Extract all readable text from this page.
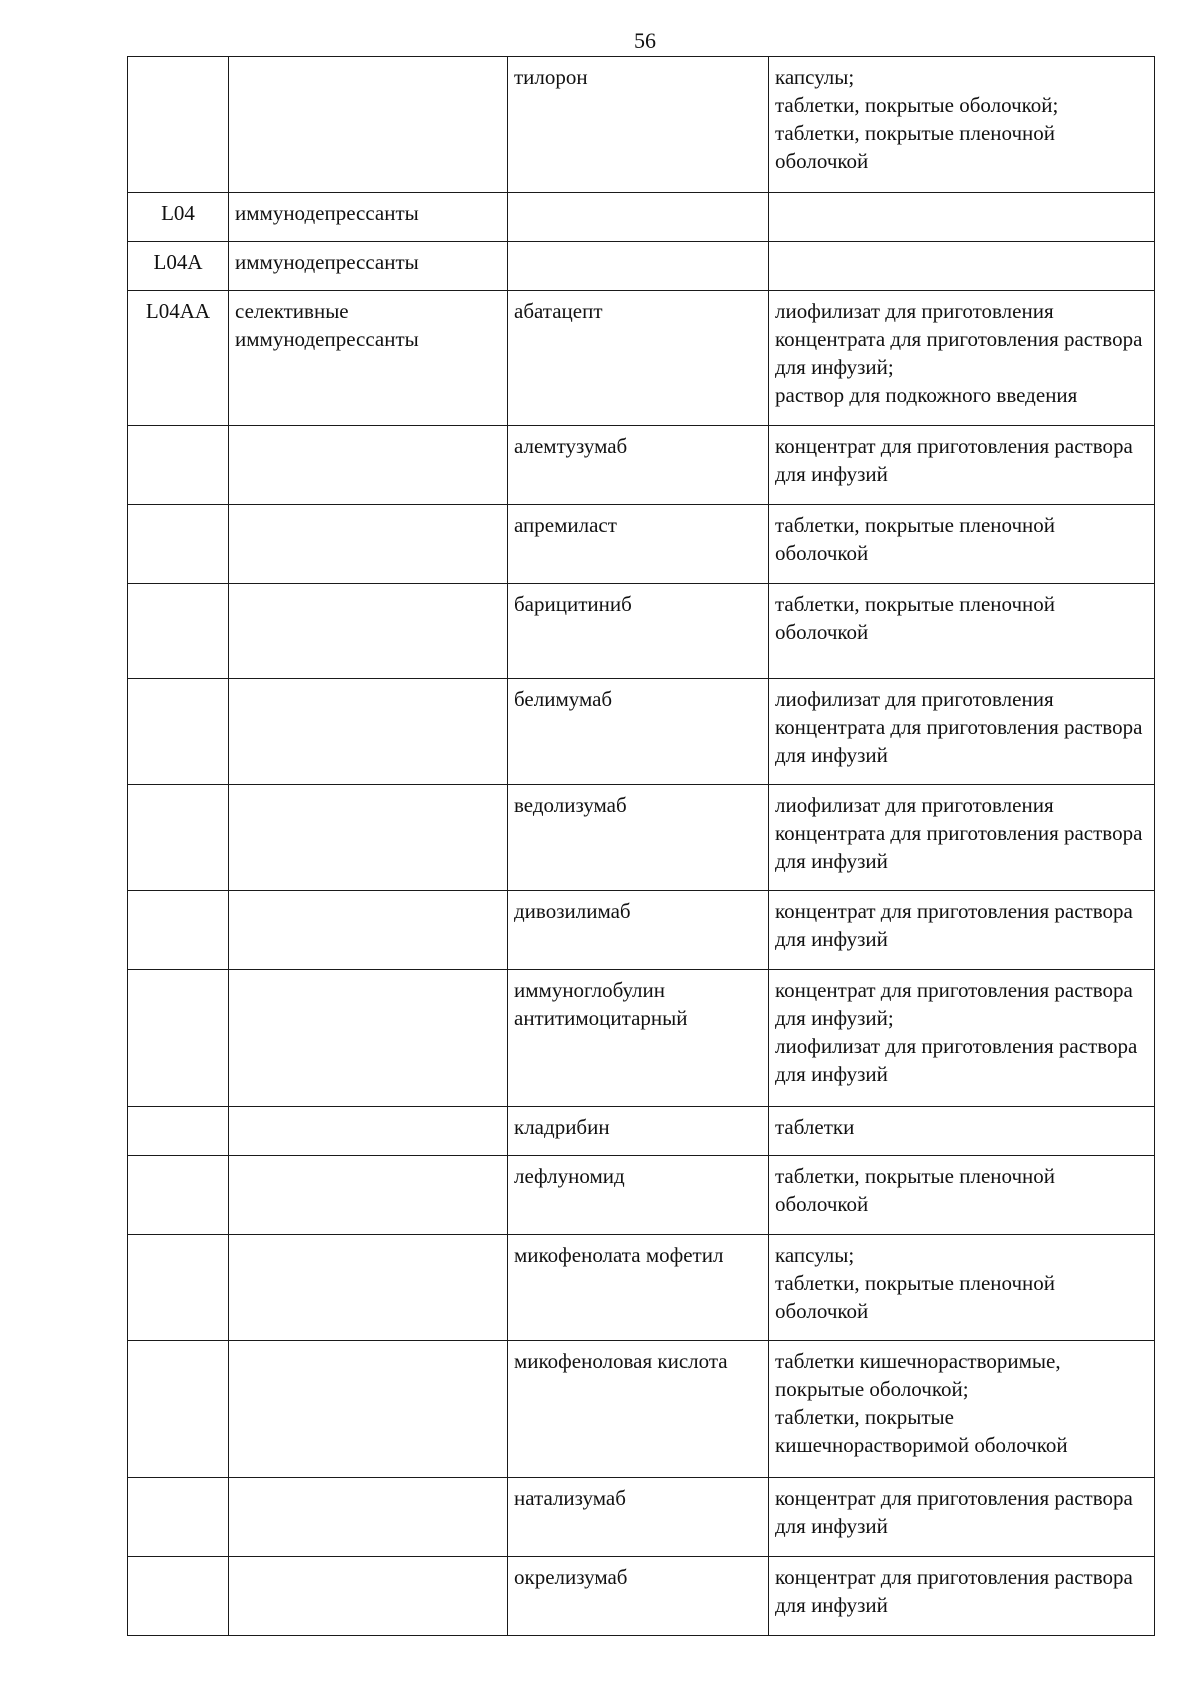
56
		тилорон	капсулы;
таблетки, покрытые оболочкой;
таблетки, покрытые пленочной оболочкой
L04	иммунодепрессанты		
L04A	иммунодепрессанты		
L04AA	селективные иммунодепрессанты	абатацепт	лиофилизат для приготовления концентрата для приготовления раствора для инфузий;
раствор для подкожного введения
		алемтузумаб	концентрат для приготовления раствора для инфузий
		апремиласт	таблетки, покрытые пленочной оболочкой
		барицитиниб	таблетки, покрытые пленочной оболочкой
		белимумаб	лиофилизат для приготовления концентрата для приготовления раствора для инфузий
		ведолизумаб	лиофилизат для приготовления концентрата для приготовления раствора для инфузий
		дивозилимаб	концентрат для приготовления раствора для инфузий
		иммуноглобулин антитимоцитарный	концентрат для приготовления раствора для инфузий;
лиофилизат для приготовления раствора для инфузий
		кладрибин	таблетки
		лефлуномид	таблетки, покрытые пленочной оболочкой
		микофенолата мофетил	капсулы;
таблетки, покрытые пленочной оболочкой
		микофеноловая кислота	таблетки кишечнорастворимые, покрытые оболочкой;
таблетки, покрытые кишечнорастворимой оболочкой
		натализумаб	концентрат для приготовления раствора для инфузий
		окрелизумаб	концентрат для приготовления раствора для инфузий
